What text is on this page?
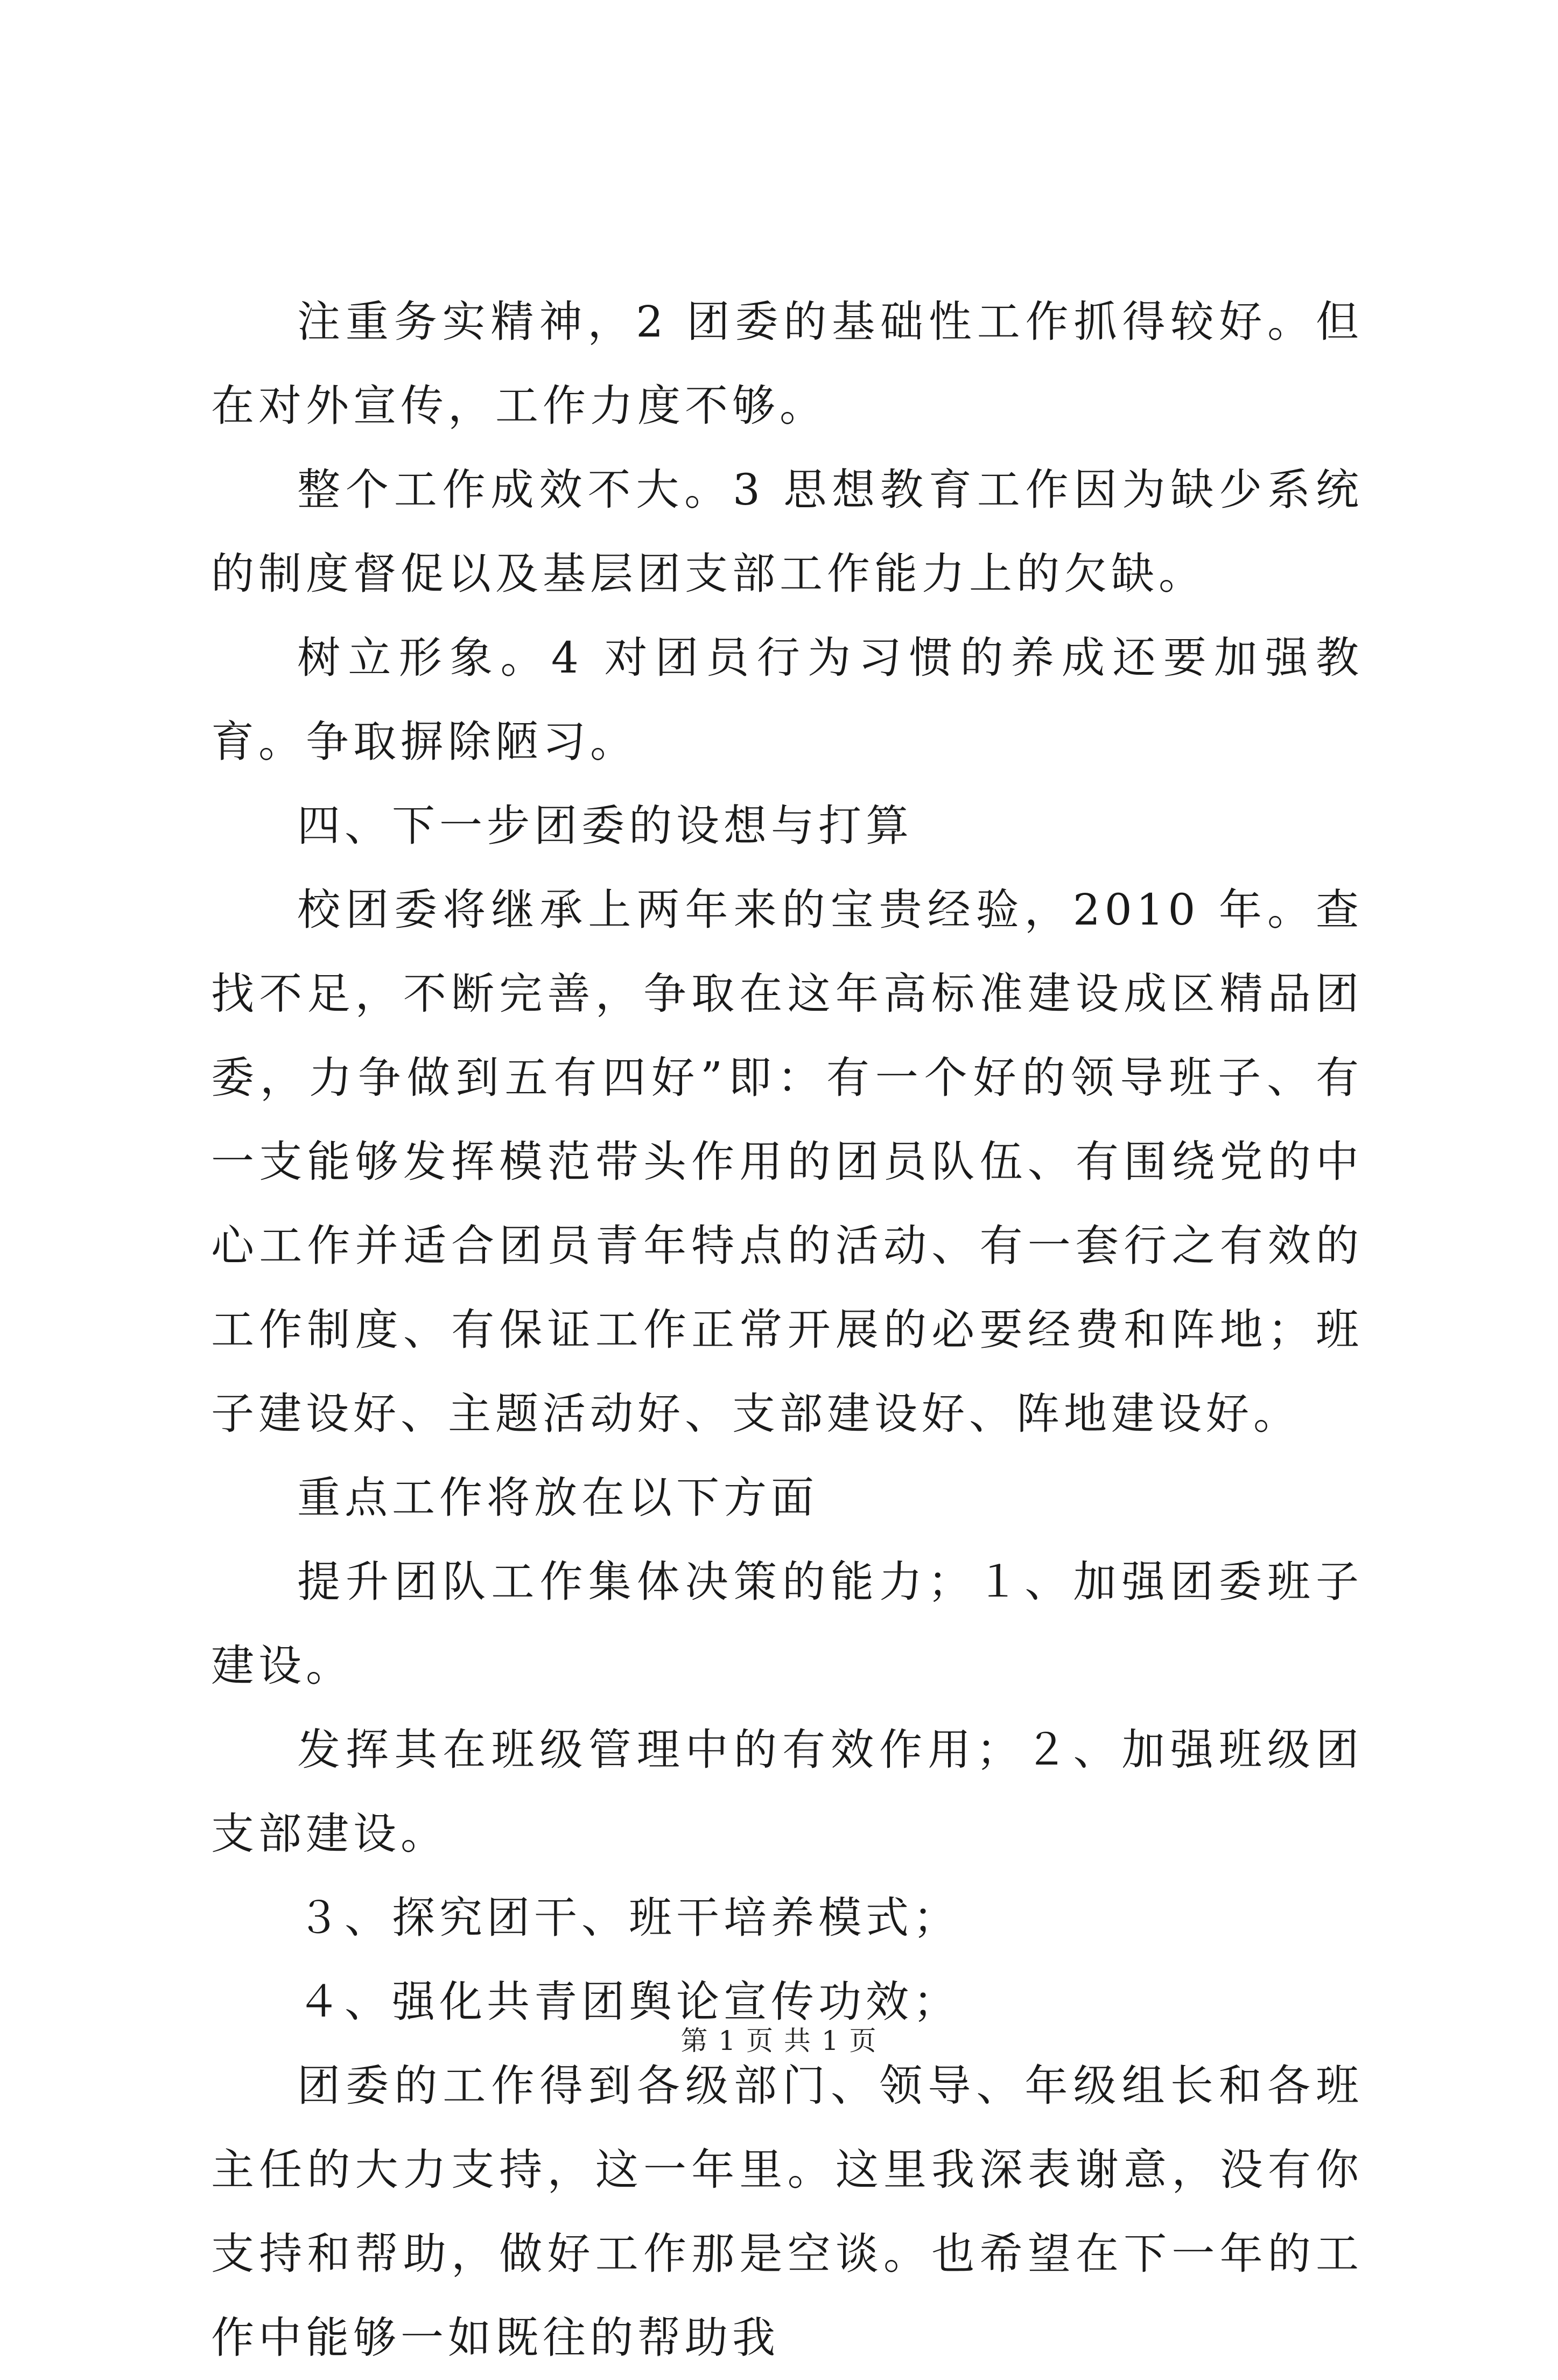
注重务实精神，2 团委的基础性工作抓得较好。但在对外宣传，工作力度不够。

整个工作成效不大。3 思想教育工作因为缺少系统的制度督促以及基层团支部工作能力上的欠缺。

树立形象。4 对团员行为习惯的养成还要加强教育。争取摒除陋习。

四、下一步团委的设想与打算

校团委将继承上两年来的宝贵经验，2010 年。查找不足，不断完善，争取在这年高标准建设成区精品团委，力争做到五有四好”即：有一个好的领导班子、有一支能够发挥模范带头作用的团员队伍、有围绕党的中心工作并适合团员青年特点的活动、有一套行之有效的工作制度、有保证工作正常开展的必要经费和阵地；班子建设好、主题活动好、支部建设好、阵地建设好。

重点工作将放在以下方面

提升团队工作集体决策的能力；１、加强团委班子建设。

发挥其在班级管理中的有效作用；２、加强班级团支部建设。

３、探究团干、班干培养模式；

４、强化共青团舆论宣传功效；

团委的工作得到各级部门、领导、年级组长和各班主任的大力支持，这一年里。这里我深表谢意，没有你支持和帮助，做好工作那是空谈。也希望在下一年的工作中能够一如既往的帮助我

第 1 页 共 1 页
